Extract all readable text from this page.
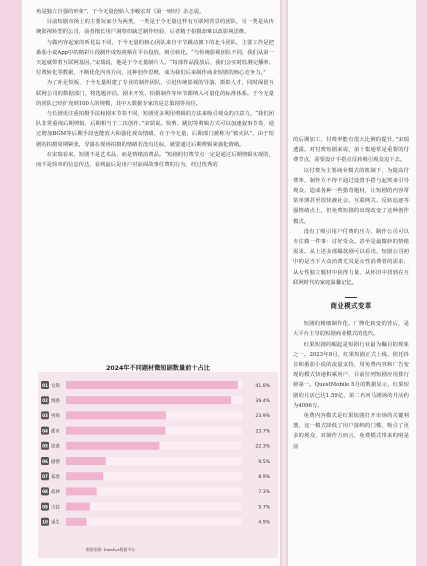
角是独立自强的形象”，于今无量创始人李峻宏对《第一财经》杂志说。

目前短剧市场上的主要玩家分为两类，一类是于今无量这样有互联网背景的团队，另一类是从传统影视转型的公司，前者擅长用户洞察但缺乏制作经验，后者精于拍摄却难以改影视思维。

与做内容起家的听花岛不同，于今无量的核心团队来自字节跳动旗下的北斗团队，主要工作是把番茄小说App中的精彩片段制作成短视频在平台投放，吸引转化。“与传统影视团队不同，我们从第一天起就带着互联网基因。”宋瑞说，他是于今无量制片人。“每部作品投放后，我们会实时监测完播率、付费转化等数据，不断优化内容方向，这种创作思维，成为我们后来制作商业短剧的核心竞争力。”

为了补足短板，于今无量组建了专业的制作团队，引进传统影视的导演、摄影人才，同时保留互联网公司的数据部门，将选题评估、剧本开发、拍摄制作等环节都纳入可量化的标准体系。于今无量的团队已经扩充到100人的规模，其中大数据专家的是总策剧等岗位。

与长剧更注重拍摄手法和剧本节奏不同，短剧更多利用剪辑的方法来吸引观众的注意力。“我们团队非常重视后期剪辑，后期相当于二次创作。”宋瑞说。快剪、跳切等剪辑方式可以加速叙事节奏，通过增加BGM等后期手段也能放大和强化观众情绪。在于今无量，后期部门被称为“救火队”，由于短剧的拍摄周期紧张，导演在现场拍摄的情绪若没有达标，就要通过后期剪辑来强化情绪。

在宋瑞看来，短剧不是艺术品，而是情绪消费品。“短剧的付费节点一定是通过后期剪辑实现的，而不是简单的信息传达，看到最后是用户对前面故事付费的行为，经过优秀的

的后期加工，付费率能有很大比例的提升。”宋瑞透露。对付费短剧来说，第十集通常是重要的付费节点，需要设计手搭点反转吸引观众追下去。

以付费为主要商业模式的机制下，为提高付费率，制作方不得不通过设置手搭与起埃来引导观众，造成各种一些猎奇题材，让短剧的内容常常单薄甚至很快被社会、互联网关、反转追逐等强情绪点上，但免费短剧的出现改变了这种创作模式。

没有了吸引用户付费的压力，制作公司可以专注做一件事：讨好受众。甚至是最微妙的情绪需求。从上述多部爆款剧可以看出，短剧公司初中的是当下大众消费尤其是女性消费者的需求；从女性独立题材中获得力量，从怀旧中找到在互联网时代的家庭温馨记忆。

商业模式变革

短剧的精细制作化、厂牌化转变的背后，是大平台主导的短剧商业模式的迭代。

红果短剧的崛起是短剧行业最为瞩目的现象之一。2023年8月，红果短剧正式上线，依托抖音和番茄小说的流量支持，用免费内容和广告变现的模式快速积累用户，目前位列短剧应用排行榜第一。QuestMobile 5月的数据显示，红果短剧的月活已达1.59亿，第二名河马剧场的月活约为4096万。

免费内容模式是红果短剧打开市场的关键利器，这一模式降低了用户接纳的门槛，吸引了更多的观众，对制作方而言，免费模式带来的明是前

2024年不同题材微短剧数量前十占比
01 女频	41.0%
02 情感	39.4%
03 男频	23.9%
04 都市	23.7%
05 逆袭	22.3%
06 剧情	9.5%
07 家庭	8.9%
08 战神	7.3%
09 古装	5.7%
10 重生	4.9%
数据来源: DataEye数据平台
